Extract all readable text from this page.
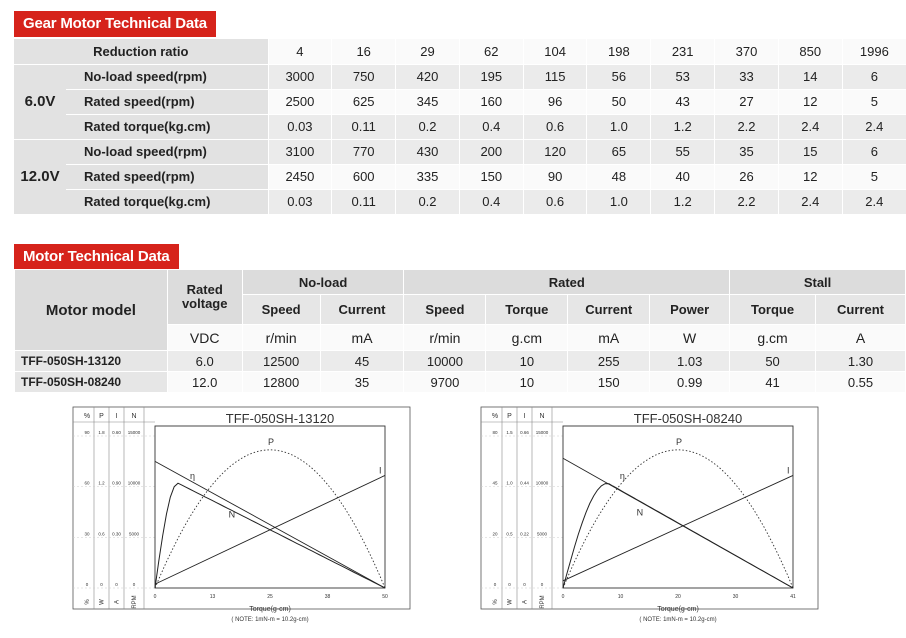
Gear Motor Technical Data
Reduction ratio		4	16	29	62	104	198	231	370	850	1996
6.0V	No-load speed(rpm)	3000	750	420	195	115	56	53	33	14	6
	Rated speed(rpm)	2500	625	345	160	96	50	43	27	12	5
	Rated torque(kg.cm)	0.03	0.11	0.2	0.4	0.6	1.0	1.2	2.2	2.4	2.4
12.0V	No-load speed(rpm)	3100	770	430	200	120	65	55	35	15	6
	Rated speed(rpm)	2450	600	335	150	90	48	40	26	12	5
	Rated torque(kg.cm)	0.03	0.11	0.2	0.4	0.6	1.0	1.2	2.2	2.4	2.4
Motor Technical Data
Motor model	Rated voltage	No-load		Rated				Stall	
		Speed	Current	Speed	Torque	Current	Power	Torque	Current
	VDC	r/min	mA	r/min	g.cm	mA	W	g.cm	A
TFF-050SH-13120	6.0	12500	45	10000	10	255	1.03	50	1.30
TFF-050SH-08240	12.0	12800	35	9700	10	150	0.99	41	0.55
% P I N
% W A RPM
90 1.8 0.60 15000
60 1.2 0.90 10000
30 0.6 0.30 5000
0	0	0	0
TFF-050SH-13120
0	13	25	38	50
Torque(g-cm)
( NOTE: 1mN-m = 10.2g-cm)
η
P
I
N
% P I N
% W A RPM
80 1.5 0.66 15000
45 1.0 0.44 10000
20 0.5 0.22 5000
0	0	0	0
TFF-050SH-08240
0	10	20	30	41
Torque(g-cm)
( NOTE: 1mN-m = 10.2g-cm)
η
P
I
N
